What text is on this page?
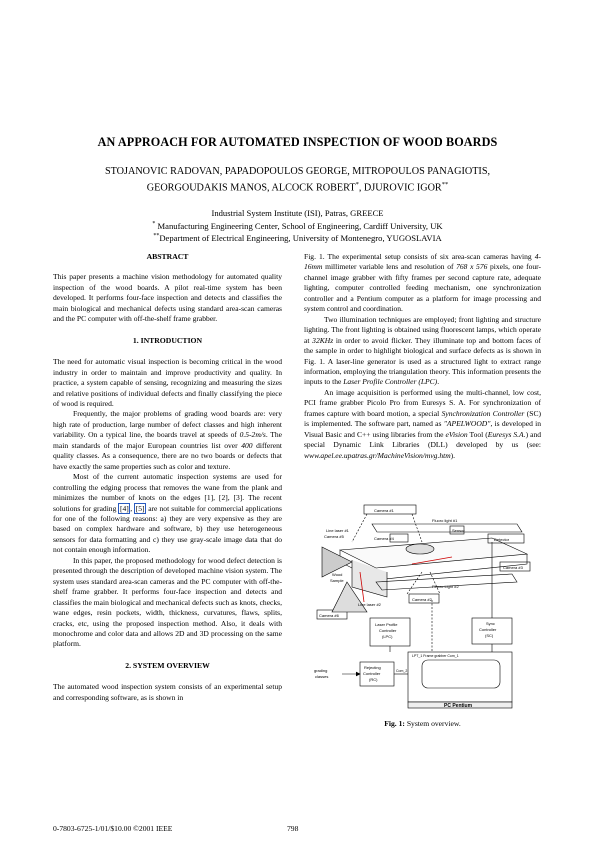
AN APPROACH FOR AUTOMATED INSPECTION OF WOOD BOARDS
STOJANOVIC RADOVAN, PAPADOPOULOS GEORGE, MITROPOULOS PANAGIOTIS,
GEORGOUDAKIS MANOS, ALCOCK ROBERT*, DJUROVIC IGOR**
Industrial System Institute (ISI), Patras, GREECE
* Manufacturing Engineering Center, School of Engineering, Cardiff University, UK
**Department of Electrical Engineering, University of Montenegro, YUGOSLAVIA
ABSTRACT

This paper presents a machine vision methodology for automated quality inspection of the wood boards. A pilot real-time system has been developed. It performs four-face inspection and detects and classifies the main biological and mechanical defects using standard area-scan cameras and the PC computer with off-the-shelf frame grabber.

1. INTRODUCTION

The need for automatic visual inspection is becoming critical in the wood industry in order to maintain and improve productivity and quality. In practice, a system capable of sensing, recognizing and measuring the sizes and relative positions of individual defects and finally classifying the piece of wood is required.

Frequently, the major problems of grading wood boards are: very high rate of production, large number of defect classes and high inherent variability. On a typical line, the boards travel at speeds of 0.5-2m/s. The main standards of the major European countries list over 400 different quality classes. As a consequence, there are no two boards or defects that have exactly the same properties such as color and texture.

Most of the current automatic inspection systems are used for controlling the edging process that removes the wane from the plank and minimizes the number of knots on the edges [1], [2], [3]. The recent solutions for grading [4] , [5] are not suitable for commercial applications for one of the following reasons: a) they are very expensive as they are based on complex hardware and software, b) they use heterogeneous sensors for data formatting and c) they use gray-scale image data that do not contain enough information.

In this paper, the proposed methodology for wood defect detection is presented through the description of developed machine vision system. The system uses standard area-scan cameras and the PC computer with off-the-shelf frame grabber. It performs four-face inspection and detects and classifies the main biological and mechanical defects such as knots, checks, wane edges, resin pockets, width, thickness, curvatures, flaws, splits, cracks, etc, using the proposed inspection method. Also, it deals with monochrome and color data and allows 2D and 3D processing on the same platform.

2. SYSTEM OVERVIEW

The automated wood inspection system consists of an experimental setup and corresponding software, as is shown in

Fig. 1. The experimental setup consists of six area-scan cameras having 4-16mm millimeter variable lens and resolution of 768 x 576 pixels, one four-channel image grabber with fifty frames per second capture rate, adequate lighting, computer controlled feeding mechanism, one synchronization controller and a Pentium computer as a platform for image processing and system control and coordination.

Two illumination techniques are employed; front lighting and structure lighting. The front lighting is obtained using fluorescent lamps, which operate at 32KHz in order to avoid flicker. They illuminate top and bottom faces of the sample in order to highlight biological and surface defects as is shown in Fig. 1. A laser-line generator is used as a structured light to extract range information, employing the triangulation theory. This information presents the inputs to the Laser Profile Controller (LPC).

An image acquisition is performed using the multi-channel, low cost, PCI frame grabber Picolo Pro from Euresys S. A. For synchronization of frames capture with board motion, a special Synchronization Controller (SC) is implemented. The software part, named as "APELWOOD", is developed in Visual Basic and C++ using libraries from the eVision Tool (Euresys S.A.) and special Dynamic Link Libraries (DLL) developed by us (see: www.apel.ee.upatras.gr/MachineVision/mvg.htm).

Camera #1
Fluoro light #1
Line laser #1
Camera #5	Camera #4
Sensor
Detector
Camera #3
Wood
Sample
Fluoro Light #2
Camera #2
Line laser #2
Camera #6
Laser Profile
Controller
(LPC)
Sync
Controller
(SC)
LPT_1 Frame grabber Com_1
Rejecting
Controller
(RC)
Com_2
grading
classes
PC Pentium
Fig. 1: System overview.
0-7803-6725-1/01/$10.00 ©2001 IEEE	798
